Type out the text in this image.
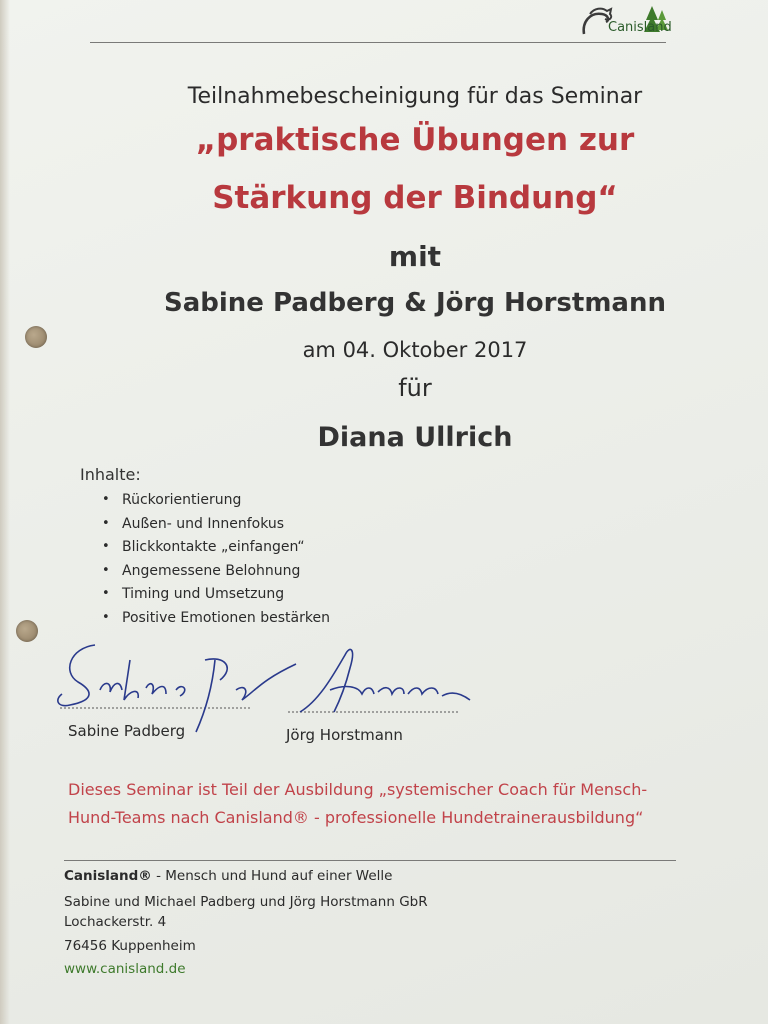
Canisland

Teilnahmebescheinigung für das Seminar

„praktische Übungen zur

Stärkung der Bindung“

mit

Sabine Padberg & Jörg Horstmann

am 04. Oktober 2017

für

Diana Ullrich

Inhalte:

• Rückorientierung
• Außen- und Innenfokus
• Blickkontakte „einfangen“
• Angemessene Belohnung
• Timing und Umsetzung
• Positive Emotionen bestärken

Sabine Padberg	Jörg Horstmann

Dieses Seminar ist Teil der Ausbildung „systemischer Coach für Mensch-

Hund-Teams nach Canisland® - professionelle Hundetrainerausbildung“

Canisland® - Mensch und Hund auf einer Welle

Sabine und Michael Padberg und Jörg Horstmann GbR

Lochackerstr. 4

76456 Kuppenheim

www.canisland.de
